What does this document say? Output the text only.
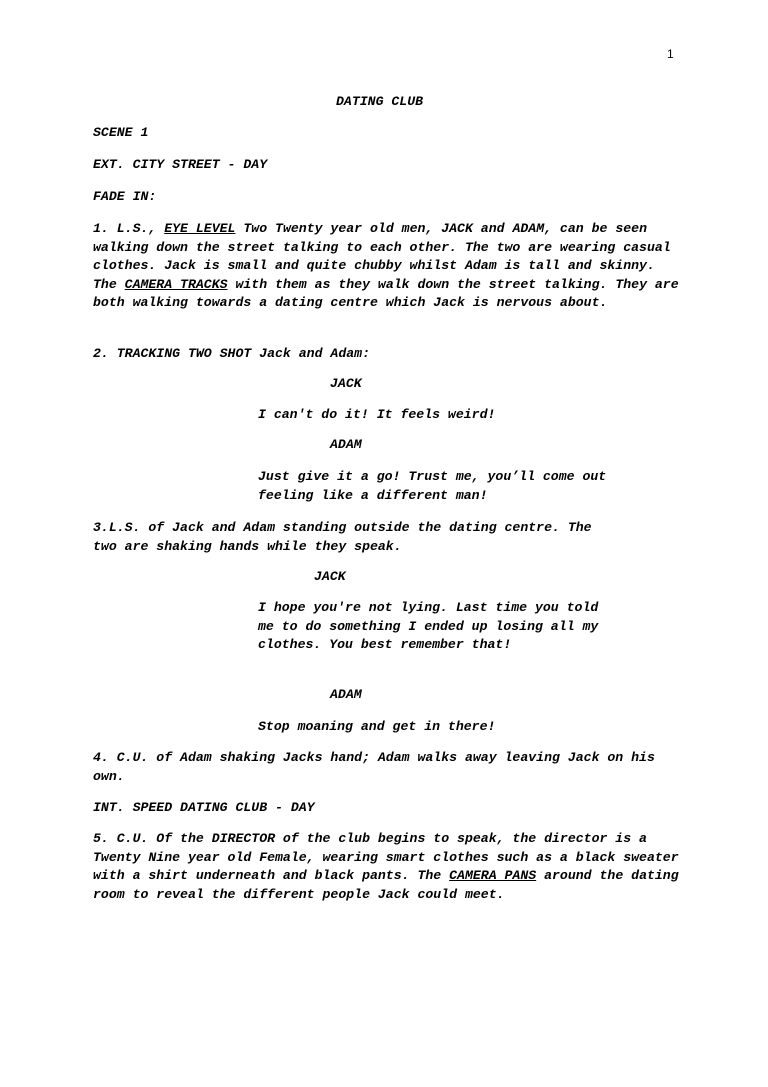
1
DATING CLUB
SCENE 1
EXT. CITY STREET - DAY
FADE IN:
1. L.S., EYE LEVEL Two Twenty year old men, JACK and ADAM, can be seen walking down the street talking to each other. The two are wearing casual clothes. Jack is small and quite chubby whilst Adam is tall and skinny. The CAMERA TRACKS with them as they walk down the street talking. They are both walking towards a dating centre which Jack is nervous about.
2. TRACKING TWO SHOT Jack and Adam:
JACK
I can't do it! It feels weird!
ADAM
Just give it a go! Trust me, you’ll come out feeling like a different man!
3.L.S. of Jack and Adam standing outside the dating centre. The two are shaking hands while they speak.
JACK
I hope you're not lying. Last time you told me to do something I ended up losing all my clothes. You best remember that!
ADAM
Stop moaning and get in there!
4. C.U. of Adam shaking Jacks hand; Adam walks away leaving Jack on his own.
INT. SPEED DATING CLUB - DAY
5. C.U. Of the DIRECTOR of the club begins to speak, the director is a Twenty Nine year old Female, wearing smart clothes such as a black sweater with a shirt underneath and black pants. The CAMERA PANS around the dating room to reveal the different people Jack could meet.
